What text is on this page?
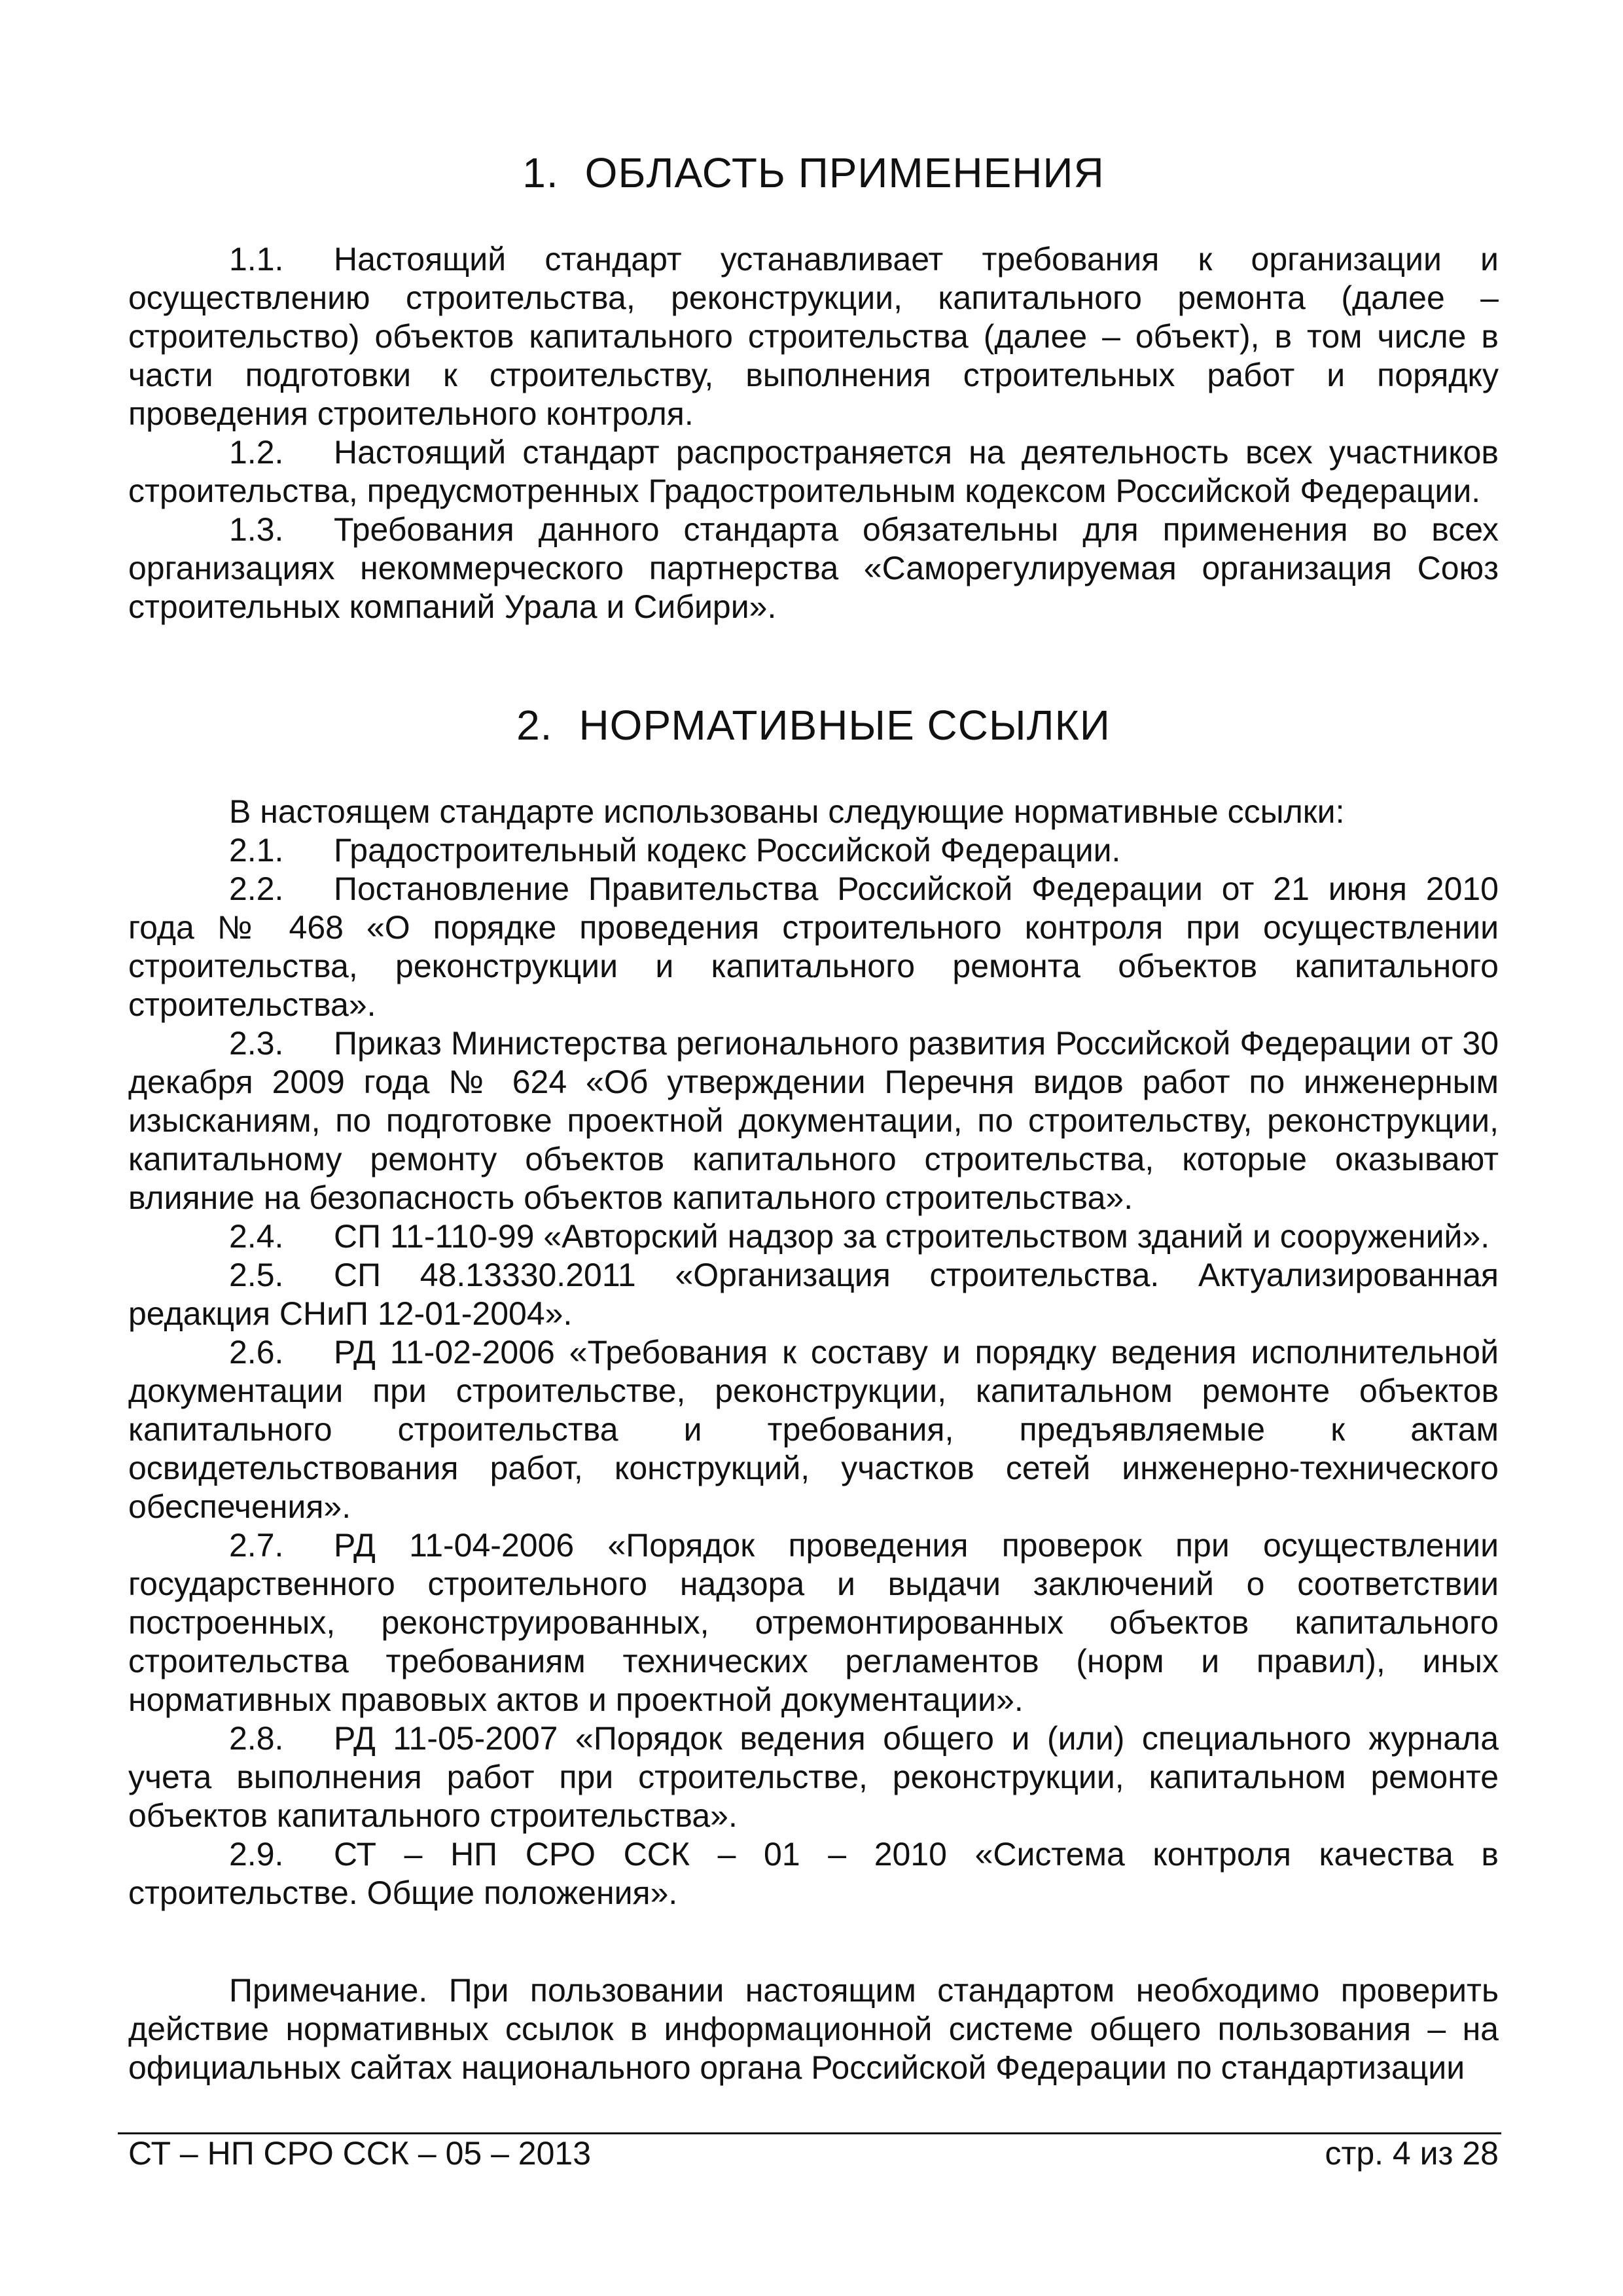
1. ОБЛАСТЬ ПРИМЕНЕНИЯ

1.1. Настоящий стандарт устанавливает требования к организации и осуществлению строительства, реконструкции, капитального ремонта (далее – строительство) объектов капитального строительства (далее – объект), в том числе в части подготовки к строительству, выполнения строительных работ и порядку проведения строительного контроля.

1.2. Настоящий стандарт распространяется на деятельность всех участников строительства, предусмотренных Градостроительным кодексом Российской Федерации.

1.3. Требования данного стандарта обязательны для применения во всех организациях некоммерческого партнерства «Саморегулируемая организация Союз строительных компаний Урала и Сибири».

2. НОРМАТИВНЫЕ ССЫЛКИ

В настоящем стандарте использованы следующие нормативные ссылки:

2.1. Градостроительный кодекс Российской Федерации.

2.2. Постановление Правительства Российской Федерации от 21 июня 2010 года № 468 «О порядке проведения строительного контроля при осуществлении строительства, реконструкции и капитального ремонта объектов капитального строительства».

2.3. Приказ Министерства регионального развития Российской Федерации от 30 декабря 2009 года № 624 «Об утверждении Перечня видов работ по инженерным изысканиям, по подготовке проектной документации, по строительству, реконструкции, капитальному ремонту объектов капитального строительства, которые оказывают влияние на безопасность объектов капитального строительства».

2.4. СП 11-110-99 «Авторский надзор за строительством зданий и сооружений».

2.5. СП 48.13330.2011 «Организация строительства. Актуализированная редакция СНиП 12-01-2004».

2.6. РД 11-02-2006 «Требования к составу и порядку ведения исполнительной документации при строительстве, реконструкции, капитальном ремонте объектов капитального строительства и требования, предъявляемые к актам освидетельствования работ, конструкций, участков сетей инженерно-технического обеспечения».

2.7. РД 11-04-2006 «Порядок проведения проверок при осуществлении государственного строительного надзора и выдачи заключений о соответствии построенных, реконструированных, отремонтированных объектов капитального строительства требованиям технических регламентов (норм и правил), иных нормативных правовых актов и проектной документации».

2.8. РД 11-05-2007 «Порядок ведения общего и (или) специального журнала учета выполнения работ при строительстве, реконструкции, капитальном ремонте объектов капитального строительства».

2.9. СТ – НП СРО ССК – 01 – 2010 «Система контроля качества в строительстве. Общие положения».

Примечание. При пользовании настоящим стандартом необходимо проверить действие нормативных ссылок в информационной системе общего пользования – на официальных сайтах национального органа Российской Федерации по стандартизации

СТ – НП СРО ССК – 05 – 2013	стр. 4 из 28
